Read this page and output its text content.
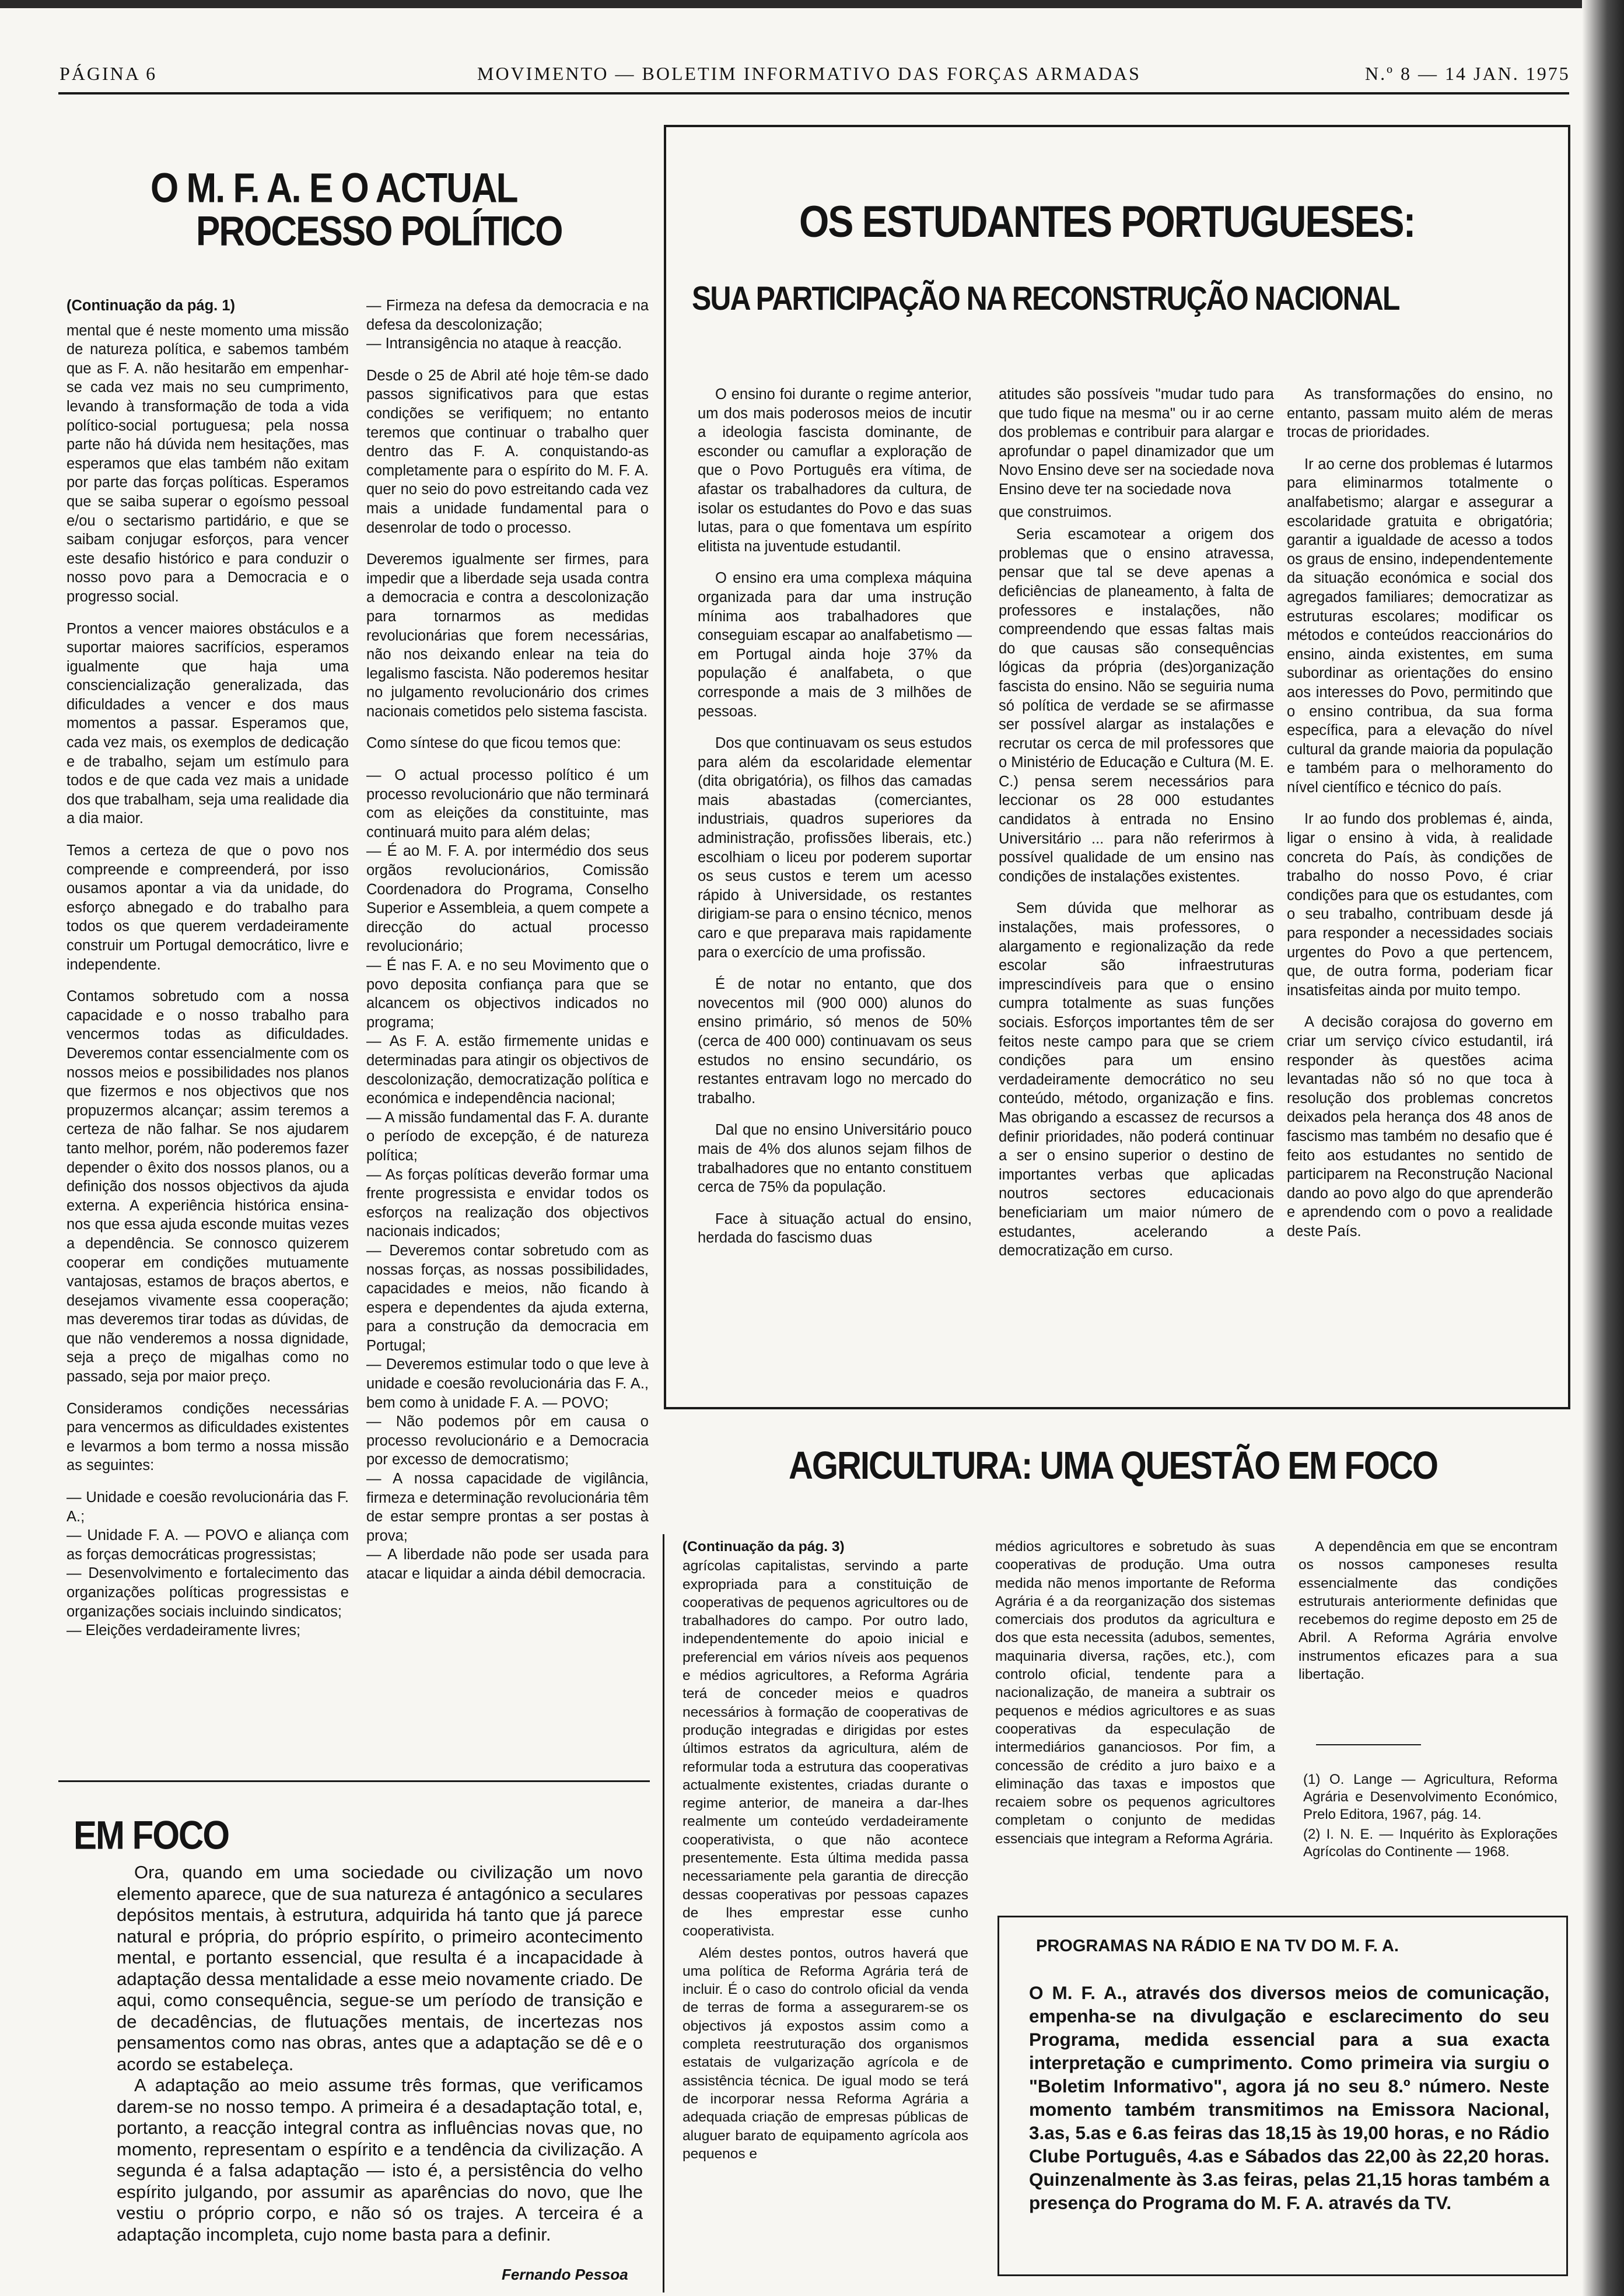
PÁGINA 6	MOVIMENTO — BOLETIM INFORMATIVO DAS FORÇAS ARMADAS	N.º 8 — 14 JAN. 1975
O M. F. A. E O ACTUAL
PROCESSO POLÍTICO

(Continuação da pág. 1)

mental que é neste momento uma missão de natureza política, e sabemos também que as F. A. não hesitarão em empenhar-se cada vez mais no seu cumprimento, levando à transformação de toda a vida político-social portuguesa; pela nossa parte não há dúvida nem hesitações, mas esperamos que elas também não exitam por parte das forças políticas. Esperamos que se saiba superar o egoísmo pessoal e/ou o sectarismo partidário, e que se saibam conjugar esforços, para vencer este desafio histórico e para conduzir o nosso povo para a Democracia e o progresso social.

Prontos a vencer maiores obstáculos e a suportar maiores sacrifícios, esperamos igualmente que haja uma consciencialização generalizada, das dificuldades a vencer e dos maus momentos a passar. Esperamos que, cada vez mais, os exemplos de dedicação e de trabalho, sejam um estímulo para todos e de que cada vez mais a unidade dos que trabalham, seja uma realidade dia a dia maior.

Temos a certeza de que o povo nos compreende e compreenderá, por isso ousamos apontar a via da unidade, do esforço abnegado e do trabalho para todos os que querem verdadeiramente construir um Portugal democrático, livre e independente.

Contamos sobretudo com a nossa capacidade e o nosso trabalho para vencermos todas as dificuldades. Deveremos contar essencialmente com os nossos meios e possibilidades nos planos que fizermos e nos objectivos que nos propuzermos alcançar; assim teremos a certeza de não falhar. Se nos ajudarem tanto melhor, porém, não poderemos fazer depender o êxito dos nossos planos, ou a definição dos nossos objectivos da ajuda externa. A experiência histórica ensina-nos que essa ajuda esconde muitas vezes a dependência. Se connosco quizerem cooperar em condições mutuamente vantajosas, estamos de braços abertos, e desejamos vivamente essa cooperação; mas deveremos tirar todas as dúvidas, de que não venderemos a nossa dignidade, seja a preço de migalhas como no passado, seja por maior preço.

Consideramos condições necessárias para vencermos as dificuldades existentes e levarmos a bom termo a nossa missão as seguintes:

— Unidade e coesão revolucionária das F. A.;

— Unidade F. A. — POVO e aliança com as forças democráticas progressistas;

— Desenvolvimento e fortalecimento das organizações políticas progressistas e organizações sociais incluindo sindicatos;

— Eleições verdadeiramente livres;

— Firmeza na defesa da democracia e na defesa da descolonização;

— Intransigência no ataque à reacção.

Desde o 25 de Abril até hoje têm-se dado passos significativos para que estas condições se verifiquem; no entanto teremos que continuar o trabalho quer dentro das F. A. conquistando-as completamente para o espírito do M. F. A. quer no seio do povo estreitando cada vez mais a unidade fundamental para o desenrolar de todo o processo.

Deveremos igualmente ser firmes, para impedir que a liberdade seja usada contra a democracia e contra a descolonização para tornarmos as medidas revolucionárias que forem necessárias, não nos deixando enlear na teia do legalismo fascista. Não poderemos hesitar no julgamento revolucionário dos crimes nacionais cometidos pelo sistema fascista.

Como síntese do que ficou temos que:

— O actual processo político é um processo revolucionário que não terminará com as eleições da constituinte, mas continuará muito para além delas;

— É ao M. F. A. por intermédio dos seus orgãos revolucionários, Comissão Coordenadora do Programa, Conselho Superior e Assembleia, a quem compete a direcção do actual processo revolucionário;

— É nas F. A. e no seu Movimento que o povo deposita confiança para que se alcancem os objectivos indicados no programa;

— As F. A. estão firmemente unidas e determinadas para atingir os objectivos de descolonização, democratização política e económica e independência nacional;

— A missão fundamental das F. A. durante o período de excepção, é de natureza política;

— As forças políticas deverão formar uma frente progressista e envidar todos os esforços na realização dos objectivos nacionais indicados;

— Deveremos contar sobretudo com as nossas forças, as nossas possibilidades, capacidades e meios, não ficando à espera e dependentes da ajuda externa, para a construção da democracia em Portugal;

— Deveremos estimular todo o que leve à unidade e coesão revolucionária das F. A., bem como à unidade F. A. — POVO;

— Não podemos pôr em causa o processo revolucionário e a Democracia por excesso de democratismo;

— A nossa capacidade de vigilância, firmeza e determinação revolucionária têm de estar sempre prontas a ser postas à prova;

— A liberdade não pode ser usada para atacar e liquidar a ainda débil democracia.

EM FOCO

Ora, quando em uma sociedade ou civilização um novo elemento aparece, que de sua natureza é antagónico a seculares depósitos mentais, à estrutura, adquirida há tanto que já parece natural e própria, do próprio espírito, o primeiro acontecimento mental, e portanto essencial, que resulta é a incapacidade à adaptação dessa mentalidade a esse meio novamente criado. De aqui, como consequência, segue-se um período de transição e de decadências, de flutuações mentais, de incertezas nos pensamentos como nas obras, antes que a adaptação se dê e o acordo se estabeleça.

A adaptação ao meio assume três formas, que verificamos darem-se no nosso tempo. A primeira é a desadaptação total, e, portanto, a reacção integral contra as influências novas que, no momento, representam o espírito e a tendência da civilização. A segunda é a falsa adaptação — isto é, a persistência do velho espírito julgando, por assumir as aparências do novo, que lhe vestiu o próprio corpo, e não só os trajes. A terceira é a adaptação incompleta, cujo nome basta para a definir.

Fernando Pessoa
OS ESTUDANTES PORTUGUESES:
SUA PARTICIPAÇÃO NA RECONSTRUÇÃO NACIONAL

O ensino foi durante o regime anterior, um dos mais poderosos meios de incutir a ideologia fascista dominante, de esconder ou camuflar a exploração de que o Povo Português era vítima, de afastar os trabalhadores da cultura, de isolar os estudantes do Povo e das suas lutas, para o que fomentava um espírito elitista na juventude estudantil.

O ensino era uma complexa máquina organizada para dar uma instrução mínima aos trabalhadores que conseguiam escapar ao analfabetismo — em Portugal ainda hoje 37% da população é analfabeta, o que corresponde a mais de 3 milhões de pessoas.

Dos que continuavam os seus estudos para além da escolaridade elementar (dita obrigatória), os filhos das camadas mais abastadas (comerciantes, industriais, quadros superiores da administração, profissões liberais, etc.) escolhiam o liceu por poderem suportar os seus custos e terem um acesso rápido à Universidade, os restantes dirigiam-se para o ensino técnico, menos caro e que preparava mais rapidamente para o exercício de uma profissão.

É de notar no entanto, que dos novecentos mil (900 000) alunos do ensino primário, só menos de 50% (cerca de 400 000) continuavam os seus estudos no ensino secundário, os restantes entravam logo no mercado do trabalho.

Dal que no ensino Universitário pouco mais de 4% dos alunos sejam filhos de trabalhadores que no entanto constituem cerca de 75% da população.

Face à situação actual do ensino, herdada do fascismo duas

atitudes são possíveis "mudar tudo para que tudo fique na mesma" ou ir ao cerne dos problemas e contribuir para alargar e aprofundar o papel dinamizador que um Novo Ensino deve ser na sociedade nova Ensino deve ter na sociedade nova

que construimos.

Seria escamotear a origem dos problemas que o ensino atravessa, pensar que tal se deve apenas a deficiências de planeamento, à falta de professores e instalações, não compreendendo que essas faltas mais do que causas são consequências lógicas da própria (des)organização fascista do ensino. Não se seguiria numa só política de verdade se se afirmasse ser possível alargar as instalações e recrutar os cerca de mil professores que o Ministério de Educação e Cultura (M. E. C.) pensa serem necessários para leccionar os 28 000 estudantes candidatos à entrada no Ensino Universitário ... para não referirmos à possível qualidade de um ensino nas condições de instalações existentes.

Sem dúvida que melhorar as instalações, mais professores, o alargamento e regionalização da rede escolar são infraestruturas imprescindíveis para que o ensino cumpra totalmente as suas funções sociais. Esforços importantes têm de ser feitos neste campo para que se criem condições para um ensino verdadeiramente democrático no seu conteúdo, método, organização e fins. Mas obrigando a escassez de recursos a definir prioridades, não poderá continuar a ser o ensino superior o destino de importantes verbas que aplicadas noutros sectores educacionais beneficiariam um maior número de estudantes, acelerando a democratização em curso.

As transformações do ensino, no entanto, passam muito além de meras trocas de prioridades.

Ir ao cerne dos problemas é lutarmos para eliminarmos totalmente o analfabetismo; alargar e assegurar a escolaridade gratuita e obrigatória; garantir a igualdade de acesso a todos os graus de ensino, independentemente da situação económica e social dos agregados familiares; democratizar as estruturas escolares; modificar os métodos e conteúdos reaccionários do ensino, ainda existentes, em suma subordinar as orientações do ensino aos interesses do Povo, permitindo que o ensino contribua, da sua forma específica, para a elevação do nível cultural da grande maioria da população e também para o melhoramento do nível científico e técnico do país.

Ir ao fundo dos problemas é, ainda, ligar o ensino à vida, à realidade concreta do País, às condições de trabalho do nosso Povo, é criar condições para que os estudantes, com o seu trabalho, contribuam desde já para responder a necessidades sociais urgentes do Povo a que pertencem, que, de outra forma, poderiam ficar insatisfeitas ainda por muito tempo.

A decisão corajosa do governo em criar um serviço cívico estudantil, irá responder às questões acima levantadas não só no que toca à resolução dos problemas concretos deixados pela herança dos 48 anos de fascismo mas também no desafio que é feito aos estudantes no sentido de participarem na Reconstrução Nacional dando ao povo algo do que aprenderão e aprendendo com o povo a realidade deste País.

AGRICULTURA: UMA QUESTÃO EM FOCO

(Continuação da pág. 3)

agrícolas capitalistas, servindo a parte expropriada para a constituição de cooperativas de pequenos agricultores ou de trabalhadores do campo. Por outro lado, independentemente do apoio inicial e preferencial em vários níveis aos pequenos e médios agricultores, a Reforma Agrária terá de conceder meios e quadros necessários à formação de cooperativas de produção integradas e dirigidas por estes últimos estratos da agricultura, além de reformular toda a estrutura das cooperativas actualmente existentes, criadas durante o regime anterior, de maneira a dar-lhes realmente um conteúdo verdadeiramente cooperativista, o que não acontece presentemente. Esta última medida passa necessariamente pela garantia de direcção dessas cooperativas por pessoas capazes de lhes emprestar esse cunho cooperativista.

Além destes pontos, outros haverá que uma política de Reforma Agrária terá de incluir. É o caso do controlo oficial da venda de terras de forma a assegurarem-se os objectivos já expostos assim como a completa reestruturação dos organismos estatais de vulgarização agrícola e de assistência técnica. De igual modo se terá de incorporar nessa Reforma Agrária a adequada criação de empresas públicas de aluguer barato de equipamento agrícola aos pequenos e

médios agricultores e sobretudo às suas cooperativas de produção. Uma outra medida não menos importante de Reforma Agrária é a da reorganização dos sistemas comerciais dos produtos da agricultura e dos que esta necessita (adubos, sementes, maquinaria diversa, rações, etc.), com controlo oficial, tendente para a nacionalização, de maneira a subtrair os pequenos e médios agricultores e as suas cooperativas da especulação de intermediários gananciosos. Por fim, a concessão de crédito a juro baixo e a eliminação das taxas e impostos que recaiem sobre os pequenos agricultores completam o conjunto de medidas essenciais que integram a Reforma Agrária.

A dependência em que se encontram os nossos camponeses resulta essencialmente das condições estruturais anteriormente definidas que recebemos do regime deposto em 25 de Abril. A Reforma Agrária envolve instrumentos eficazes para a sua libertação.

(1) O. Lange — Agricultura, Reforma Agrária e Desenvolvimento Económico, Prelo Editora, 1967, pág. 14.

(2) I. N. E. — Inquérito às Explorações Agrícolas do Continente — 1968.

PROGRAMAS NA RÁDIO E NA TV DO M. F. A.
O M. F. A., através dos diversos meios de comunicação, empenha-se na divulgação e esclarecimento do seu Programa, medida essencial para a sua exacta interpretação e cumprimento. Como primeira via surgiu o "Boletim Informativo", agora já no seu 8.º número. Neste momento também transmitimos na Emissora Nacional, 3.as, 5.as e 6.as feiras das 18,15 às 19,00 horas, e no Rádio Clube Português, 4.as e Sábados das 22,00 às 22,20 horas. Quinzenalmente às 3.as feiras, pelas 21,15 horas também a presença do Programa do M. F. A. através da TV.
